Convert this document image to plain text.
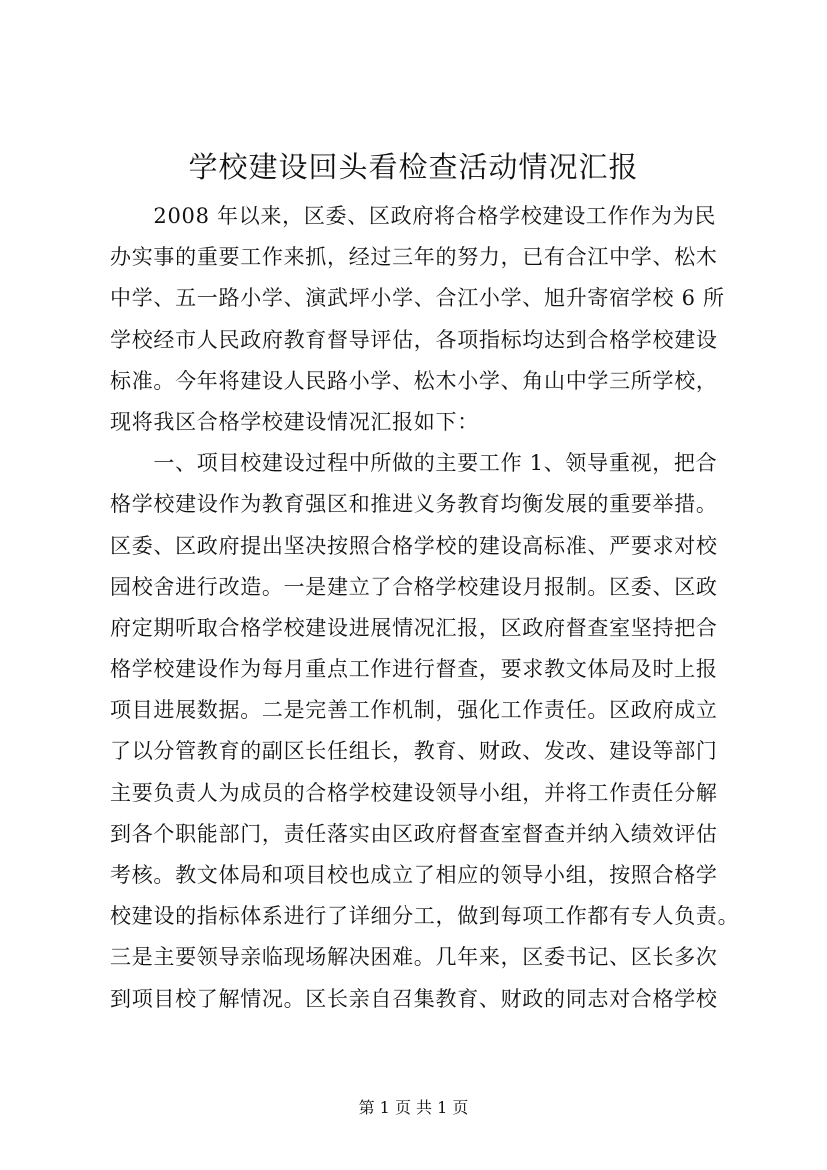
学校建设回头看检查活动情况汇报
　　2008 年以来，区委、区政府将合格学校建设工作作为为民
办实事的重要工作来抓，经过三年的努力，已有合江中学、松木
中学、五一路小学、演武坪小学、合江小学、旭升寄宿学校 6 所
学校经市人民政府教育督导评估，各项指标均达到合格学校建设
标准。今年将建设人民路小学、松木小学、角山中学三所学校，
现将我区合格学校建设情况汇报如下：
　　一、项目校建设过程中所做的主要工作 1、领导重视，把合
格学校建设作为教育强区和推进义务教育均衡发展的重要举措。
区委、区政府提出坚决按照合格学校的建设高标准、严要求对校
园校舍进行改造。一是建立了合格学校建设月报制。区委、区政
府定期听取合格学校建设进展情况汇报，区政府督查室坚持把合
格学校建设作为每月重点工作进行督查，要求教文体局及时上报
项目进展数据。二是完善工作机制，强化工作责任。区政府成立
了以分管教育的副区长任组长，教育、财政、发改、建设等部门
主要负责人为成员的合格学校建设领导小组，并将工作责任分解
到各个职能部门，责任落实由区政府督查室督查并纳入绩效评估
考核。教文体局和项目校也成立了相应的领导小组，按照合格学
校建设的指标体系进行了详细分工，做到每项工作都有专人负责。
三是主要领导亲临现场解决困难。几年来，区委书记、区长多次
到项目校了解情况。区长亲自召集教育、财政的同志对合格学校
第 1 页 共 1 页
